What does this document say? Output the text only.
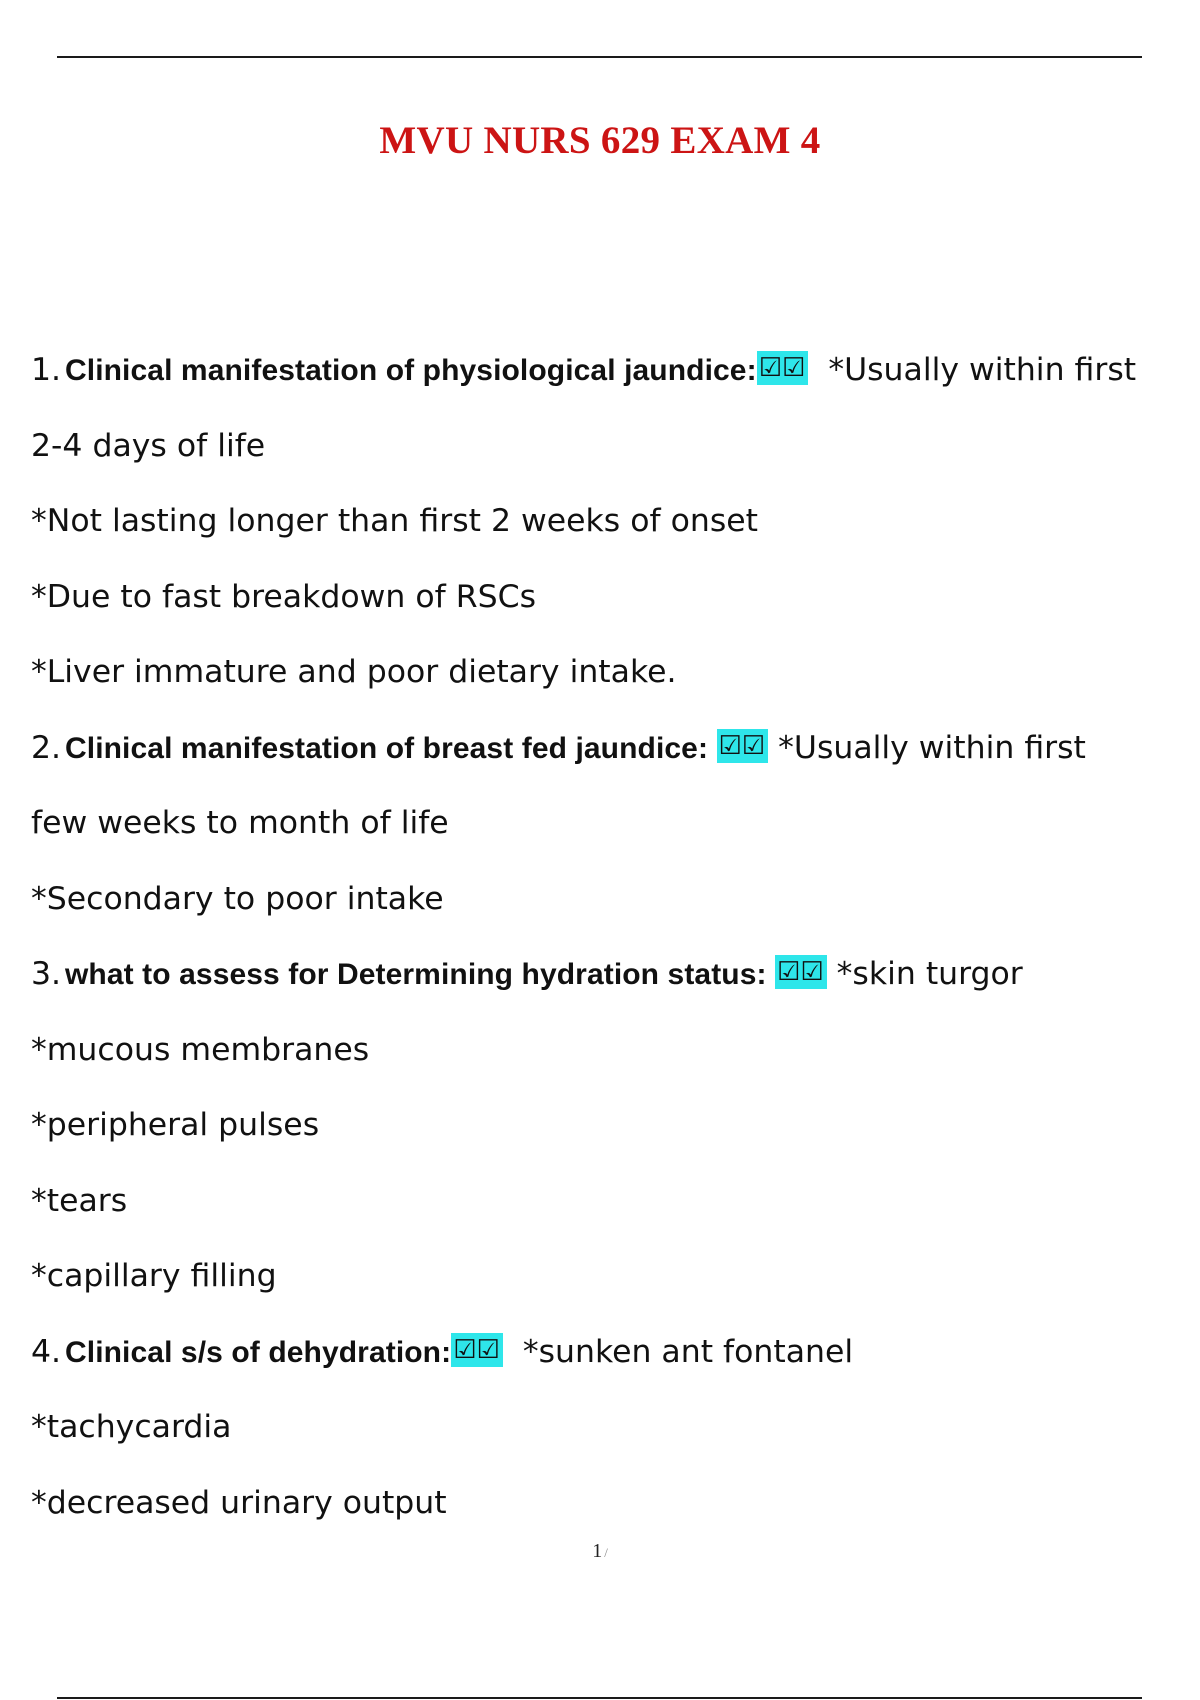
MVU NURS 629 EXAM 4
1. Clinical manifestation of physiological jaundice:☑☑  *Usually within first
2-4 days of life
*Not lasting longer than first 2 weeks of onset
*Due to fast breakdown of RSCs
*Liver immature and poor dietary intake.
2. Clinical manifestation of breast fed jaundice: ☑☑ *Usually within first
few weeks to month of life
*Secondary to poor intake
3. what to assess for Determining hydration status: ☑☑ *skin turgor
*mucous membranes
*peripheral pulses
*tears
*capillary filling
4. Clinical s/s of dehydration:☑☑  *sunken ant fontanel
*tachycardia
*decreased urinary output
1 /
